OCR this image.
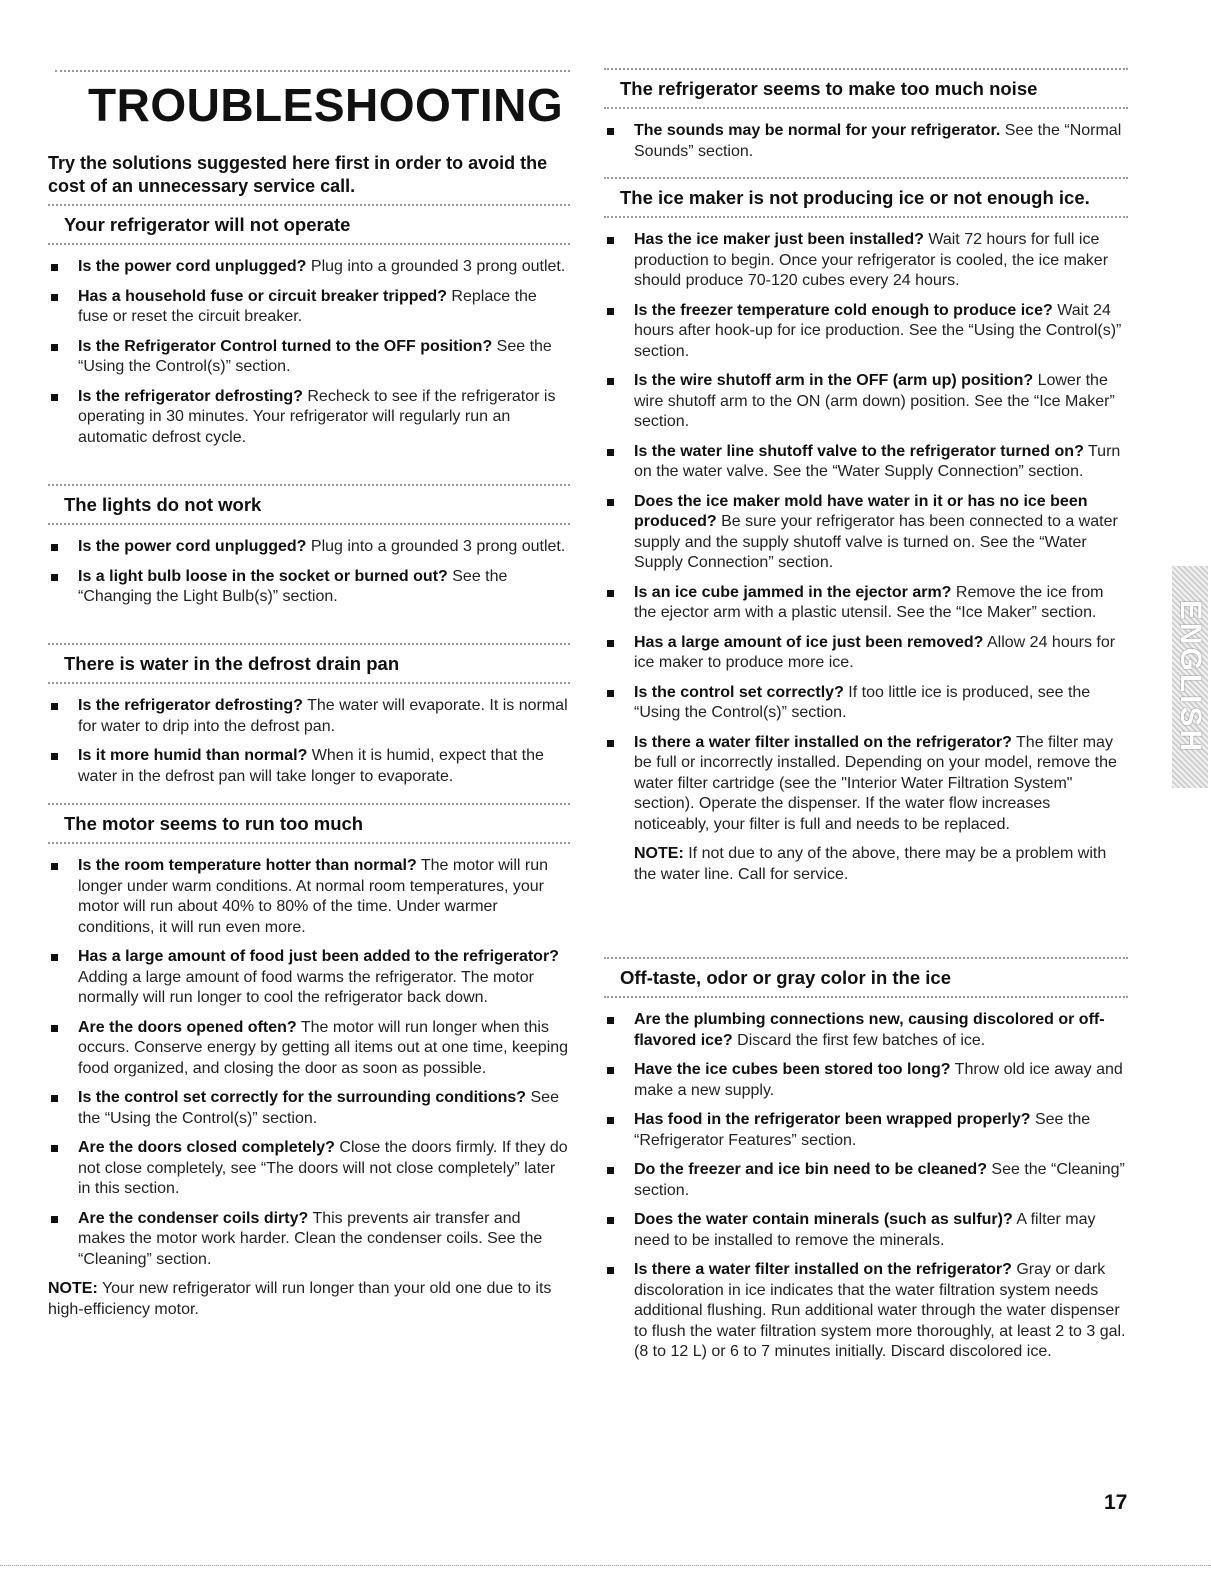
TROUBLESHOOTING

Try the solutions suggested here first in order to avoid the cost of an unnecessary service call.

Your refrigerator will not operate
Is the power cord unplugged? Plug into a grounded 3 prong outlet.
Has a household fuse or circuit breaker tripped? Replace the fuse or reset the circuit breaker.
Is the Refrigerator Control turned to the OFF position? See the “Using the Control(s)” section.
Is the refrigerator defrosting? Recheck to see if the refrigerator is operating in 30 minutes. Your refrigerator will regularly run an automatic defrost cycle.
The lights do not work
Is the power cord unplugged? Plug into a grounded 3 prong outlet.
Is a light bulb loose in the socket or burned out? See the “Changing the Light Bulb(s)” section.
There is water in the defrost drain pan
Is the refrigerator defrosting? The water will evaporate. It is normal for water to drip into the defrost pan.
Is it more humid than normal? When it is humid, expect that the water in the defrost pan will take longer to evaporate.
The motor seems to run too much
Is the room temperature hotter than normal? The motor will run longer under warm conditions. At normal room temperatures, your motor will run about 40% to 80% of the time. Under warmer conditions, it will run even more.
Has a large amount of food just been added to the refrigerator? Adding a large amount of food warms the refrigerator. The motor normally will run longer to cool the refrigerator back down.
Are the doors opened often? The motor will run longer when this occurs. Conserve energy by getting all items out at one time, keeping food organized, and closing the door as soon as possible.
Is the control set correctly for the surrounding conditions? See the “Using the Control(s)” section.
Are the doors closed completely? Close the doors firmly. If they do not close completely, see “The doors will not close completely” later in this section.
Are the condenser coils dirty? This prevents air transfer and makes the motor work harder. Clean the condenser coils. See the “Cleaning” section.

NOTE: Your new refrigerator will run longer than your old one due to its high-efficiency motor.

The refrigerator seems to make too much noise
The sounds may be normal for your refrigerator. See the “Normal Sounds” section.
The ice maker is not producing ice or not enough ice.
Has the ice maker just been installed? Wait 72 hours for full ice production to begin. Once your refrigerator is cooled, the ice maker should produce 70-120 cubes every 24 hours.
Is the freezer temperature cold enough to produce ice? Wait 24 hours after hook-up for ice production. See the “Using the Control(s)” section.
Is the wire shutoff arm in the OFF (arm up) position? Lower the wire shutoff arm to the ON (arm down) position. See the “Ice Maker” section.
Is the water line shutoff valve to the refrigerator turned on? Turn on the water valve. See the “Water Supply Connection” section.
Does the ice maker mold have water in it or has no ice been produced? Be sure your refrigerator has been connected to a water supply and the supply shutoff valve is turned on. See the “Water Supply Connection” section.
Is an ice cube jammed in the ejector arm? Remove the ice from the ejector arm with a plastic utensil. See the “Ice Maker” section.
Has a large amount of ice just been removed? Allow 24 hours for ice maker to produce more ice.
Is the control set correctly? If too little ice is produced, see the “Using the Control(s)” section.
Is there a water filter installed on the refrigerator? The filter may be full or incorrectly installed. Depending on your model, remove the water filter cartridge (see the "Interior Water Filtration System" section). Operate the dispenser. If the water flow increases noticeably, your filter is full and needs to be replaced.

NOTE: If not due to any of the above, there may be a problem with the water line. Call for service.

Off-taste, odor or gray color in the ice
Are the plumbing connections new, causing discolored or off-flavored ice? Discard the first few batches of ice.
Have the ice cubes been stored too long? Throw old ice away and make a new supply.
Has food in the refrigerator been wrapped properly? See the “Refrigerator Features” section.
Do the freezer and ice bin need to be cleaned? See the “Cleaning” section.
Does the water contain minerals (such as sulfur)? A filter may need to be installed to remove the minerals.
Is there a water filter installed on the refrigerator? Gray or dark discoloration in ice indicates that the water filtration system needs additional flushing. Run additional water through the water dispenser to flush the water filtration system more thoroughly, at least 2 to 3 gal. (8 to 12 L) or 6 to 7 minutes initially. Discard discolored ice.
ENGLISH
17
